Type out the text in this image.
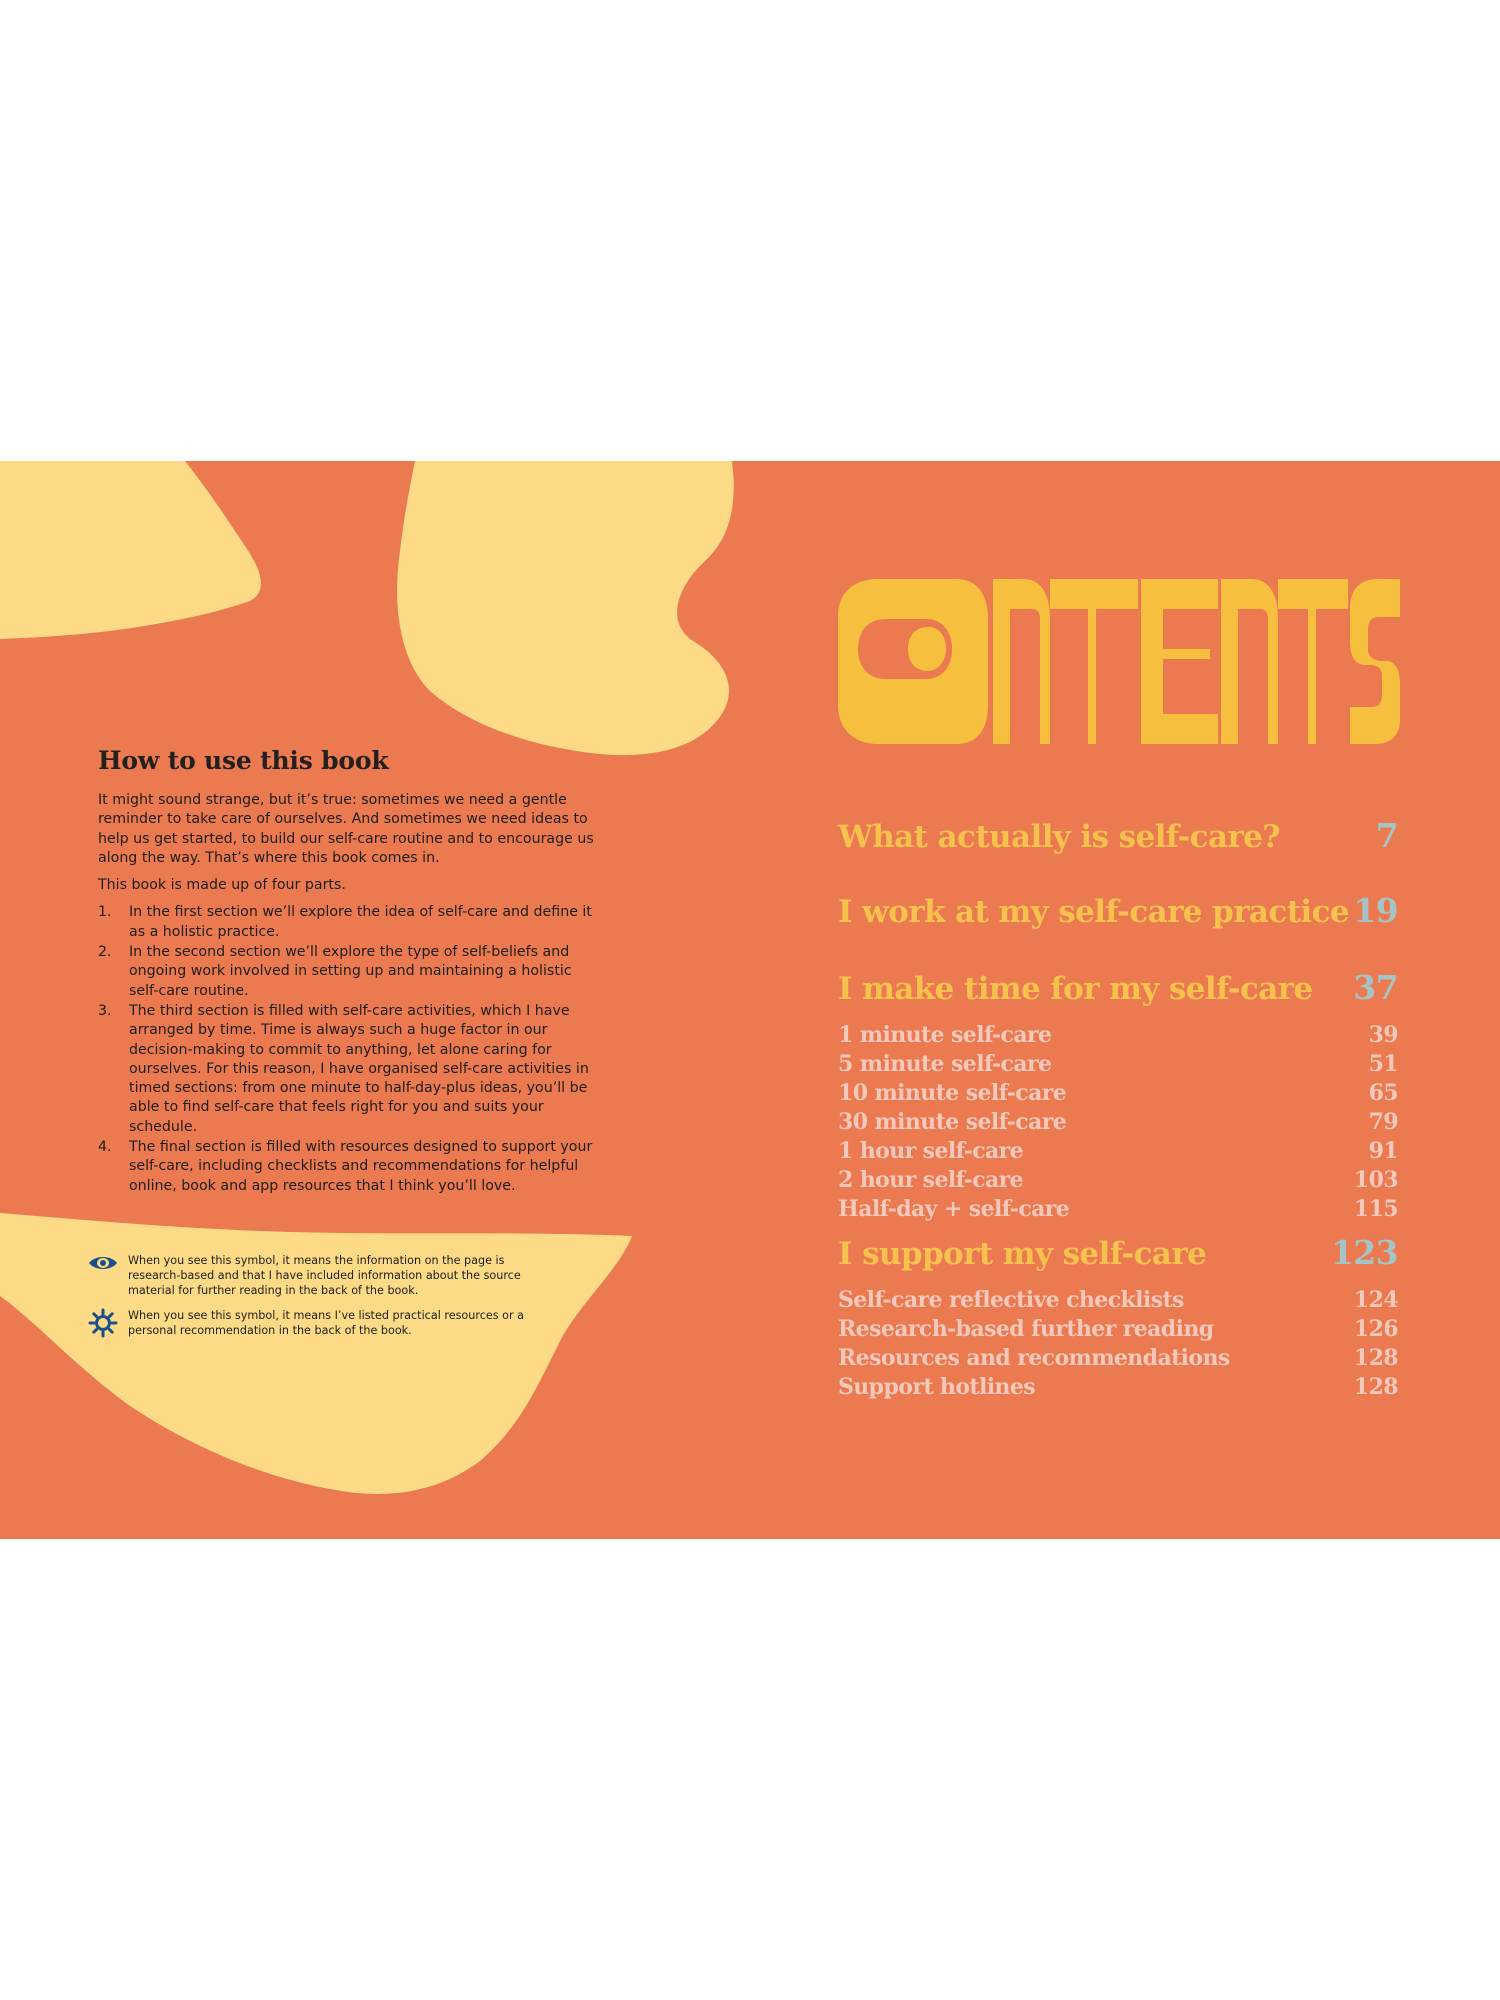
How to use this book

It might sound strange, but it’s true: sometimes we need a gentle reminder to take care of ourselves. And sometimes we need ideas to help us get started, to build our self-care routine and to encourage us along the way. That’s where this book comes in.

This book is made up of four parts.

1. In the first section we’ll explore the idea of self-care and define it as a holistic practice.
2. In the second section we’ll explore the type of self-beliefs and ongoing work involved in setting up and maintaining a holistic self-care routine.
3. The third section is filled with self-care activities, which I have arranged by time. Time is always such a huge factor in our decision-making to commit to anything, let alone caring for ourselves. For this reason, I have organised self-care activities in timed sections: from one minute to half-day-plus ideas, you’ll be able to find self-care that feels right for you and suits your schedule.
4. The final section is filled with resources designed to support your self-care, including checklists and recommendations for helpful online, book and app resources that I think you’ll love.
When you see this symbol, it means the information on the page is research-based and that I have included information about the source material for further reading in the back of the book.
When you see this symbol, it means I’ve listed practical resources or a personal recommendation in the back of the book.
What actually is self-care?	7
I work at my self-care practice 19
I make time for my self-care 37
1 minute self-care	39
5 minute self-care	51
10 minute self-care	65
30 minute self-care	79
1 hour self-care	91
2 hour self-care	103
Half-day + self-care	115
I support my self-care	123
Self-care reflective checklists	124
Research-based further reading	126
Resources and recommendations	128
Support hotlines	128
